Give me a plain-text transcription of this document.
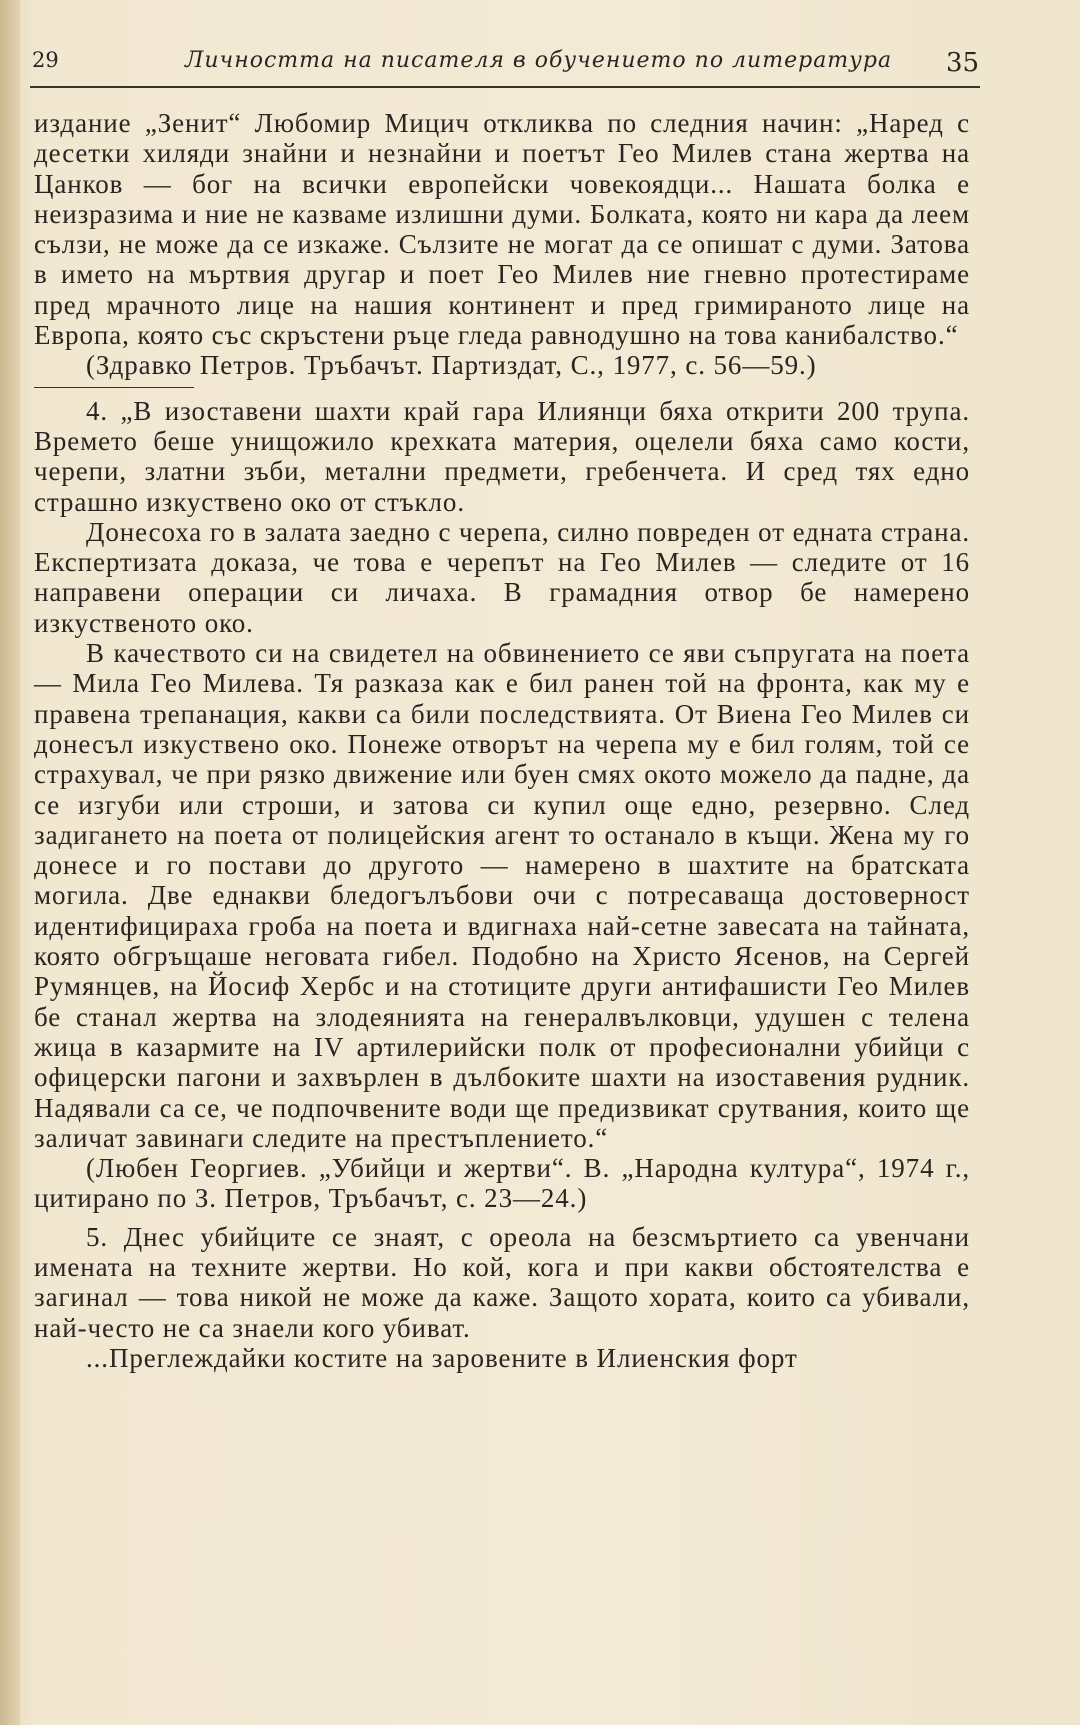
29	Личността на писателя в обучението по литература 35

издание „Зенит“ Любомир Мицич откликва по следния начин: „Наред с десетки хиляди знайни и незнайни и поетът Гео Милев стана жертва на Цанков — бог на всички европейски човекоядци... Нашата болка е неизразима и ние не казваме излишни думи. Болката, която ни кара да леем сълзи, не може да се изкаже. Сълзите не могат да се опишат с думи. Затова в името на мъртвия другар и поет Гео Милев ние гневно протестираме пред мрачното лице на нашия континент и пред гримираното лице на Европа, която със скръстени ръце гледа равнодушно на това канибалство.“

(Здравко Петров. Тръбачът. Партиздат, С., 1977, с. 56—59.)

4. „В изоставени шахти край гара Илиянци бяха открити 200 трупа. Времето беше унищожило крехката материя, оцелели бяха само кости, черепи, златни зъби, метални предмети, гребенчета. И сред тях едно страшно изкуствено око от стъкло.

Донесоха го в залата заедно с черепа, силно повреден от едната страна. Експертизата доказа, че това е черепът на Гео Милев — следите от 16 направени операции си личаха. В грамадния отвор бе намерено изкуственото око.

В качеството си на свидетел на обвинението се яви съпругата на поета — Мила Гео Милева. Тя разказа как е бил ранен той на фронта, как му е правена трепанация, какви са били последствията. От Виена Гео Милев си донесъл изкуствено око. Понеже отворът на черепа му е бил голям, той се страхувал, че при рязко движение или буен смях окото можело да падне, да се изгуби или строши, и затова си купил още едно, резервно. След задигането на поета от полицейския агент то останало в къщи. Жена му го донесе и го постави до другото — намерено в шахтите на братската могила. Две еднакви бледогълъбови очи с потресаваща достоверност идентифицираха гроба на поета и вдигнаха най-сетне завесата на тайната, която обгръщаше неговата гибел. Подобно на Христо Ясенов, на Сергей Румянцев, на Йосиф Хербс и на стотиците други антифашисти Гео Милев бе станал жертва на злодеянията на генералвълковци, удушен с телена жица в казармите на IV артилерийски полк от професионални убийци с офицерски пагони и захвърлен в дълбоките шахти на изоставения рудник. Надявали са се, че подпочвените води ще предизвикат срутвания, които ще заличат завинаги следите на престъплението.“

(Любен Георгиев. „Убийци и жертви“. В. „Народна култура“, 1974 г., цитирано по З. Петров, Тръбачът, с. 23—24.)

5. Днес убийците се знаят, с ореола на безсмъртието са увенчани имената на техните жертви. Но кой, кога и при какви обстоятелства е загинал — това никой не може да каже. Защото хората, които са убивали, най-често не са знаели кого убиват.

...Преглеждайки костите на заровените в Илиенския форт
